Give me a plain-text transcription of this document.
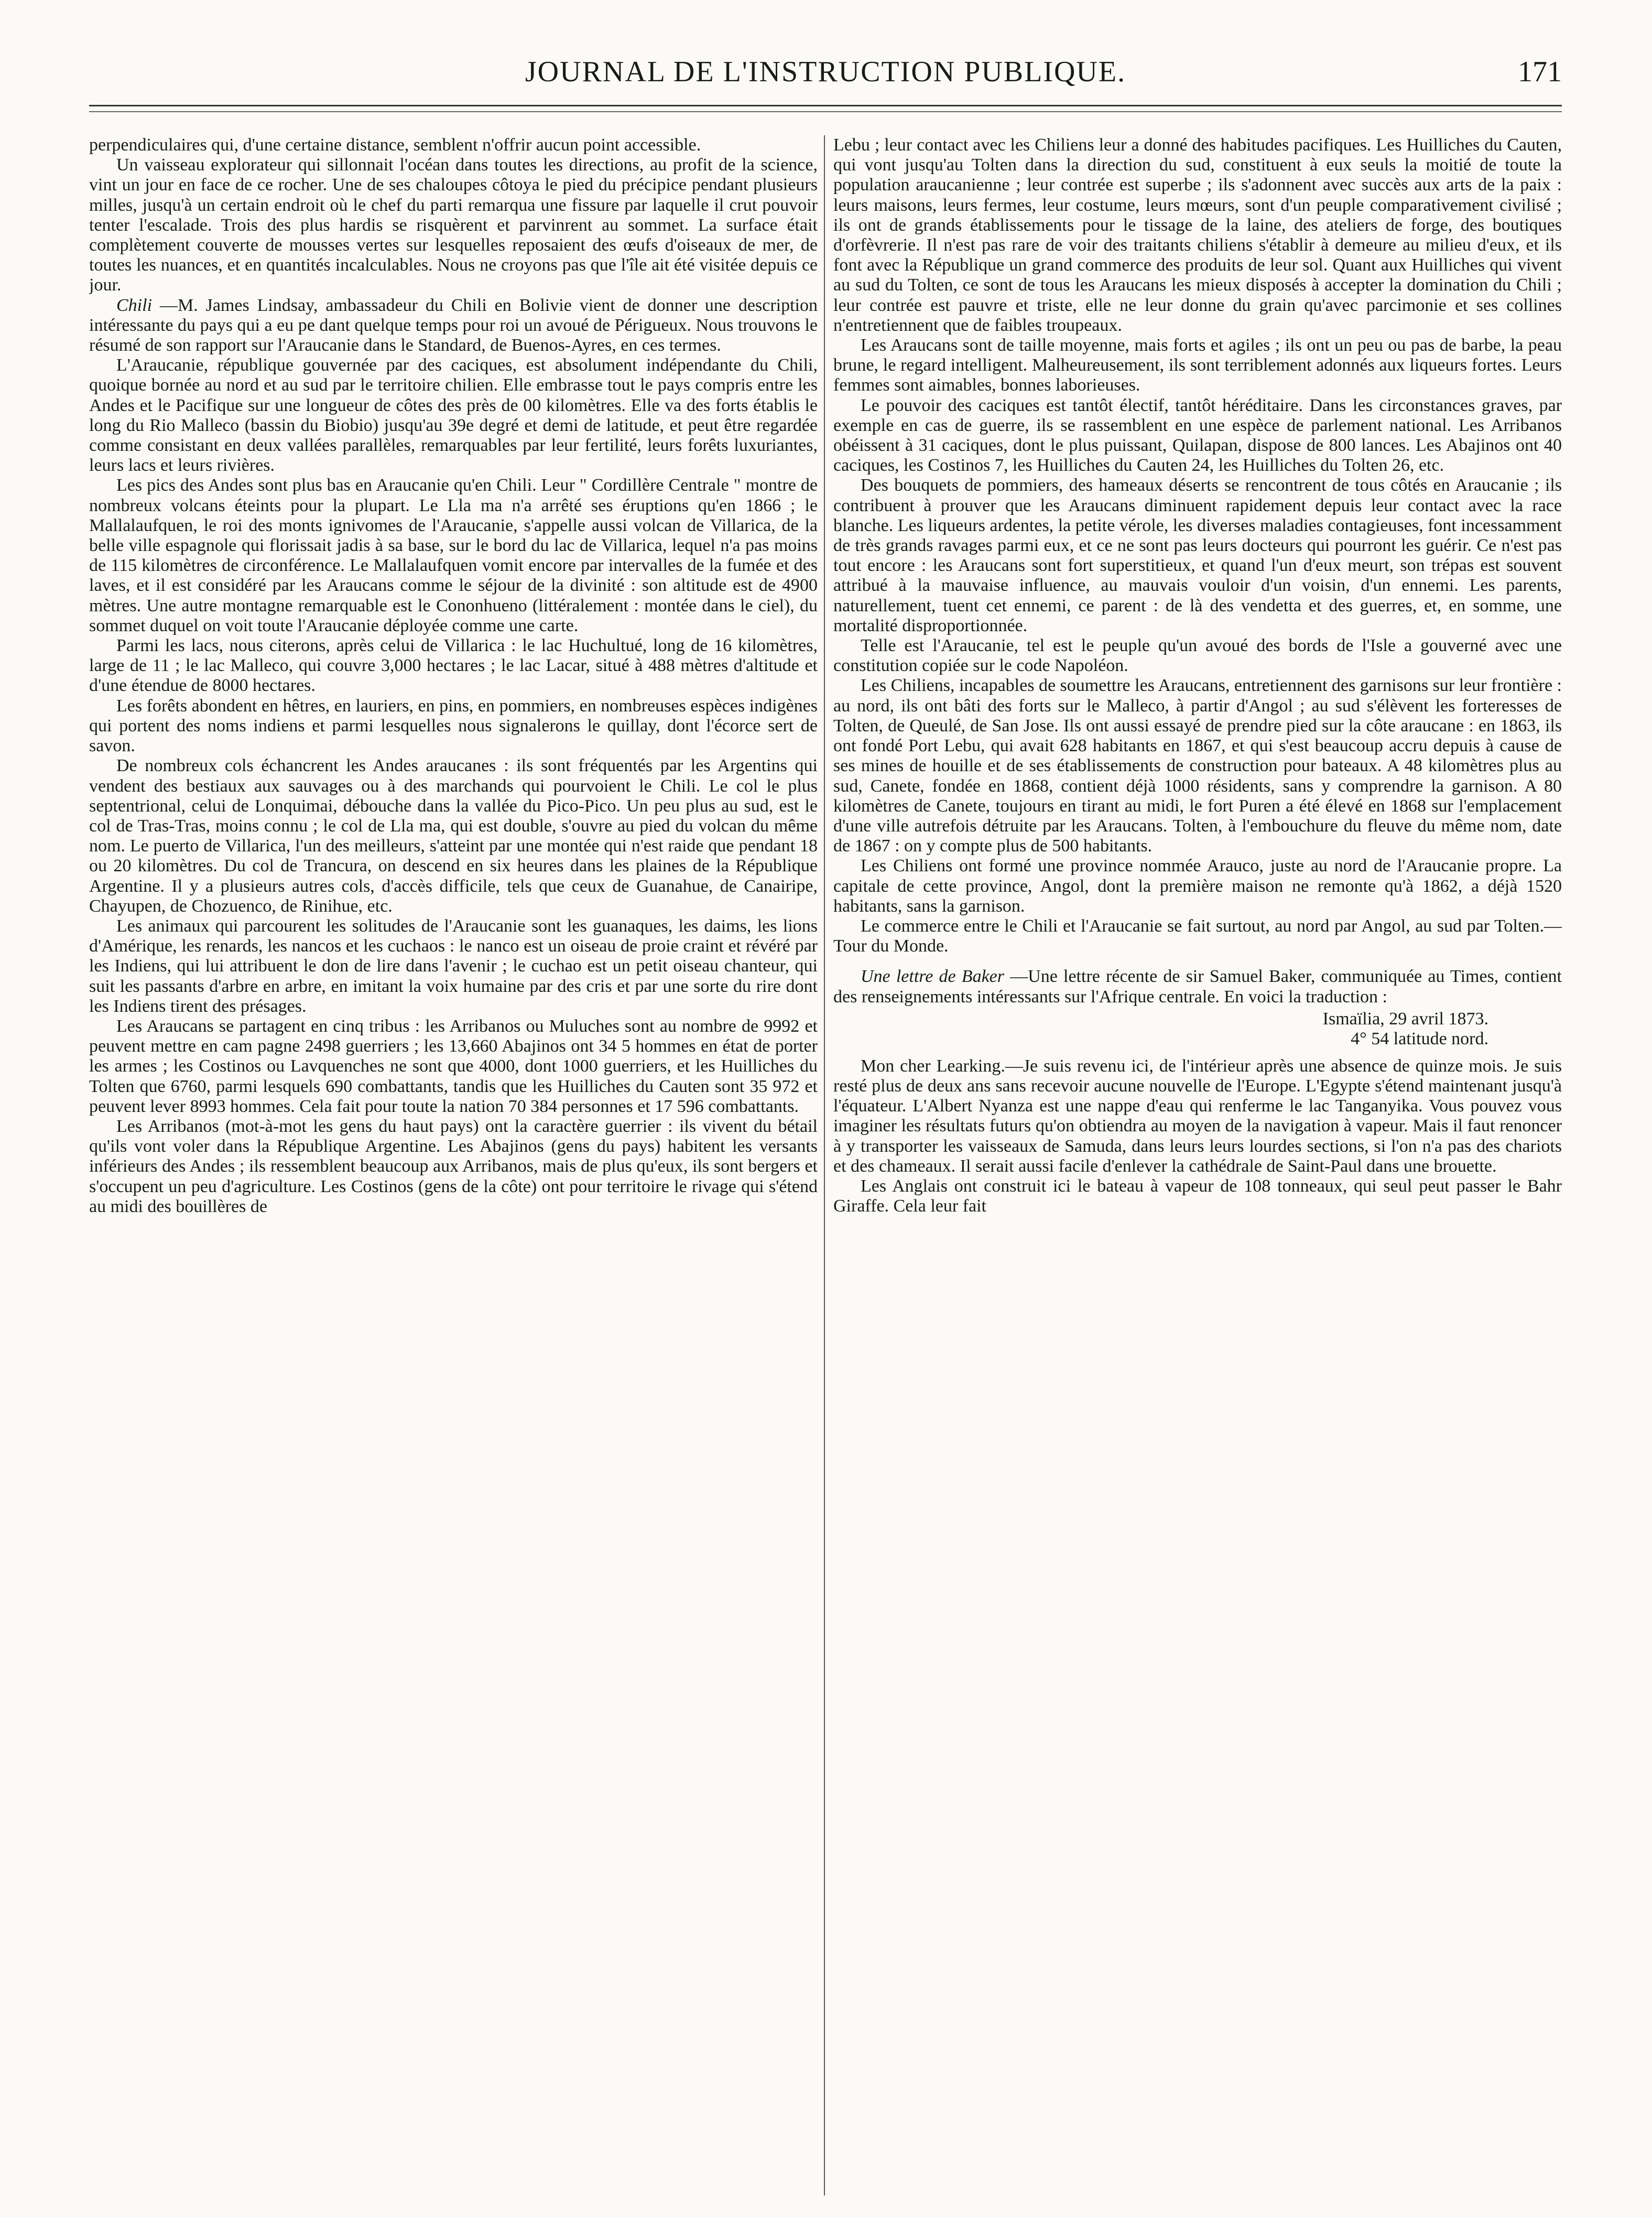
JOURNAL DE L'INSTRUCTION PUBLIQUE.	171

perpendiculaires qui, d'une certaine distance, semblent n'offrir aucun point accessible.

Un vaisseau explorateur qui sillonnait l'océan dans toutes les directions, au profit de la science, vint un jour en face de ce rocher. Une de ses chaloupes côtoya le pied du précipice pendant plusieurs milles, jusqu'à un certain endroit où le chef du parti remarqua une fissure par laquelle il crut pouvoir tenter l'escalade. Trois des plus hardis se risquèrent et parvinrent au sommet. La surface était complètement couverte de mousses vertes sur lesquelles reposaient des œufs d'oiseaux de mer, de toutes les nuances, et en quantités incalculables. Nous ne croyons pas que l'île ait été visitée depuis ce jour.

Chili —M. James Lindsay, ambassadeur du Chili en Bolivie vient de donner une description intéressante du pays qui a eu pe dant quelque temps pour roi un avoué de Périgueux. Nous trouvons le résumé de son rapport sur l'Araucanie dans le Standard, de Buenos-Ayres, en ces termes.

L'Araucanie, république gouvernée par des caciques, est absolument indépendante du Chili, quoique bornée au nord et au sud par le territoire chilien. Elle embrasse tout le pays compris entre les Andes et le Pacifique sur une longueur de côtes des près de 00 kilomètres. Elle va des forts établis le long du Rio Malleco (bassin du Biobio) jusqu'au 39e degré et demi de latitude, et peut être regardée comme consistant en deux vallées parallèles, remarquables par leur fertilité, leurs forêts luxuriantes, leurs lacs et leurs rivières.

Les pics des Andes sont plus bas en Araucanie qu'en Chili. Leur " Cordillère Centrale " montre de nombreux volcans éteints pour la plupart. Le Lla ma n'a arrêté ses éruptions qu'en 1866 ; le Mallalaufquen, le roi des monts ignivomes de l'Araucanie, s'appelle aussi volcan de Villarica, de la belle ville espagnole qui florissait jadis à sa base, sur le bord du lac de Villarica, lequel n'a pas moins de 115 kilomètres de circonférence. Le Mallalaufquen vomit encore par intervalles de la fumée et des laves, et il est considéré par les Araucans comme le séjour de la divinité : son altitude est de 4900 mètres. Une autre montagne remarquable est le Cononhueno (littéralement : montée dans le ciel), du sommet duquel on voit toute l'Araucanie déployée comme une carte.

Parmi les lacs, nous citerons, après celui de Villarica : le lac Huchultué, long de 16 kilomètres, large de 11 ; le lac Malleco, qui couvre 3,000 hectares ; le lac Lacar, situé à 488 mètres d'altitude et d'une étendue de 8000 hectares.

Les forêts abondent en hêtres, en lauriers, en pins, en pommiers, en nombreuses espèces indigènes qui portent des noms indiens et parmi lesquelles nous signalerons le quillay, dont l'écorce sert de savon.

De nombreux cols échancrent les Andes araucanes : ils sont fréquentés par les Argentins qui vendent des bestiaux aux sauvages ou à des marchands qui pourvoient le Chili. Le col le plus septentrional, celui de Lonquimai, débouche dans la vallée du Pico-Pico. Un peu plus au sud, est le col de Tras-Tras, moins connu ; le col de Lla ma, qui est double, s'ouvre au pied du volcan du même nom. Le puerto de Villarica, l'un des meilleurs, s'atteint par une montée qui n'est raide que pendant 18 ou 20 kilomètres. Du col de Trancura, on descend en six heures dans les plaines de la République Argentine. Il y a plusieurs autres cols, d'accès difficile, tels que ceux de Guanahue, de Canairipe, Chayupen, de Chozuenco, de Rinihue, etc.

Les animaux qui parcourent les solitudes de l'Araucanie sont les guanaques, les daims, les lions d'Amérique, les renards, les nancos et les cuchaos : le nanco est un oiseau de proie craint et révéré par les Indiens, qui lui attribuent le don de lire dans l'avenir ; le cuchao est un petit oiseau chanteur, qui suit les passants d'arbre en arbre, en imitant la voix humaine par des cris et par une sorte du rire dont les Indiens tirent des présages.

Les Araucans se partagent en cinq tribus : les Arribanos ou Muluches sont au nombre de 9992 et peuvent mettre en cam pagne 2498 guerriers ; les 13,660 Abajinos ont 34 5 hommes en état de porter les armes ; les Costinos ou Lavquenches ne sont que 4000, dont 1000 guerriers, et les Huilliches du Tolten que 6760, parmi lesquels 690 combattants, tandis que les Huilliches du Cauten sont 35 972 et peuvent lever 8993 hommes. Cela fait pour toute la nation 70 384 personnes et 17 596 combattants.

Les Arribanos (mot-à-mot les gens du haut pays) ont la caractère guerrier : ils vivent du bétail qu'ils vont voler dans la République Argentine. Les Abajinos (gens du pays) habitent les versants inférieurs des Andes ; ils ressemblent beaucoup aux Arribanos, mais de plus qu'eux, ils sont bergers et s'occupent un peu d'agriculture. Les Costinos (gens de la côte) ont pour territoire le rivage qui s'étend au midi des bouillères de

Lebu ; leur contact avec les Chiliens leur a donné des habitudes pacifiques. Les Huilliches du Cauten, qui vont jusqu'au Tolten dans la direction du sud, constituent à eux seuls la moitié de toute la population araucanienne ; leur contrée est superbe ; ils s'adonnent avec succès aux arts de la paix : leurs maisons, leurs fermes, leur costume, leurs mœurs, sont d'un peuple comparativement civilisé ; ils ont de grands établissements pour le tissage de la laine, des ateliers de forge, des boutiques d'orfèvrerie. Il n'est pas rare de voir des traitants chiliens s'établir à demeure au milieu d'eux, et ils font avec la République un grand commerce des produits de leur sol. Quant aux Huilliches qui vivent au sud du Tolten, ce sont de tous les Araucans les mieux disposés à accepter la domination du Chili ; leur contrée est pauvre et triste, elle ne leur donne du grain qu'avec parcimonie et ses collines n'entretiennent que de faibles troupeaux.

Les Araucans sont de taille moyenne, mais forts et agiles ; ils ont un peu ou pas de barbe, la peau brune, le regard intelligent. Malheureusement, ils sont terriblement adonnés aux liqueurs fortes. Leurs femmes sont aimables, bonnes laborieuses.

Le pouvoir des caciques est tantôt électif, tantôt héréditaire. Dans les circonstances graves, par exemple en cas de guerre, ils se rassemblent en une espèce de parlement national. Les Arribanos obéissent à 31 caciques, dont le plus puissant, Quilapan, dispose de 800 lances. Les Abajinos ont 40 caciques, les Costinos 7, les Huilliches du Cauten 24, les Huilliches du Tolten 26, etc.

Des bouquets de pommiers, des hameaux déserts se rencontrent de tous côtés en Araucanie ; ils contribuent à prouver que les Araucans diminuent rapidement depuis leur contact avec la race blanche. Les liqueurs ardentes, la petite vérole, les diverses maladies contagieuses, font incessamment de très grands ravages parmi eux, et ce ne sont pas leurs docteurs qui pourront les guérir. Ce n'est pas tout encore : les Araucans sont fort superstitieux, et quand l'un d'eux meurt, son trépas est souvent attribué à la mauvaise influence, au mauvais vouloir d'un voisin, d'un ennemi. Les parents, naturellement, tuent cet ennemi, ce parent : de là des vendetta et des guerres, et, en somme, une mortalité disproportionnée.

Telle est l'Araucanie, tel est le peuple qu'un avoué des bords de l'Isle a gouverné avec une constitution copiée sur le code Napoléon.

Les Chiliens, incapables de soumettre les Araucans, entretiennent des garnisons sur leur frontière : au nord, ils ont bâti des forts sur le Malleco, à partir d'Angol ; au sud s'élèvent les forteresses de Tolten, de Queulé, de San Jose. Ils ont aussi essayé de prendre pied sur la côte araucane : en 1863, ils ont fondé Port Lebu, qui avait 628 habitants en 1867, et qui s'est beaucoup accru depuis à cause de ses mines de houille et de ses établissements de construction pour bateaux. A 48 kilomètres plus au sud, Canete, fondée en 1868, contient déjà 1000 résidents, sans y comprendre la garnison. A 80 kilomètres de Canete, toujours en tirant au midi, le fort Puren a été élevé en 1868 sur l'emplacement d'une ville autrefois détruite par les Araucans. Tolten, à l'embouchure du fleuve du même nom, date de 1867 : on y compte plus de 500 habitants.

Les Chiliens ont formé une province nommée Arauco, juste au nord de l'Araucanie propre. La capitale de cette province, Angol, dont la première maison ne remonte qu'à 1862, a déjà 1520 habitants, sans la garnison.

Le commerce entre le Chili et l'Araucanie se fait surtout, au nord par Angol, au sud par Tolten.—Tour du Monde.

Une lettre de Baker —Une lettre récente de sir Samuel Baker, communiquée au Times, contient des renseignements intéressants sur l'Afrique centrale. En voici la traduction :

Ismaïlia, 29 avril 1873.
4° 54 latitude nord.

Mon cher Learking.—Je suis revenu ici, de l'intérieur après une absence de quinze mois. Je suis resté plus de deux ans sans recevoir aucune nouvelle de l'Europe. L'Egypte s'étend maintenant jusqu'à l'équateur. L'Albert Nyanza est une nappe d'eau qui renferme le lac Tanganyika. Vous pouvez vous imaginer les résultats futurs qu'on obtiendra au moyen de la navigation à vapeur. Mais il faut renoncer à y transporter les vaisseaux de Samuda, dans leurs leurs lourdes sections, si l'on n'a pas des chariots et des chameaux. Il serait aussi facile d'enlever la cathédrale de Saint-Paul dans une brouette.

Les Anglais ont construit ici le bateau à vapeur de 108 tonneaux, qui seul peut passer le Bahr Giraffe. Cela leur fait
